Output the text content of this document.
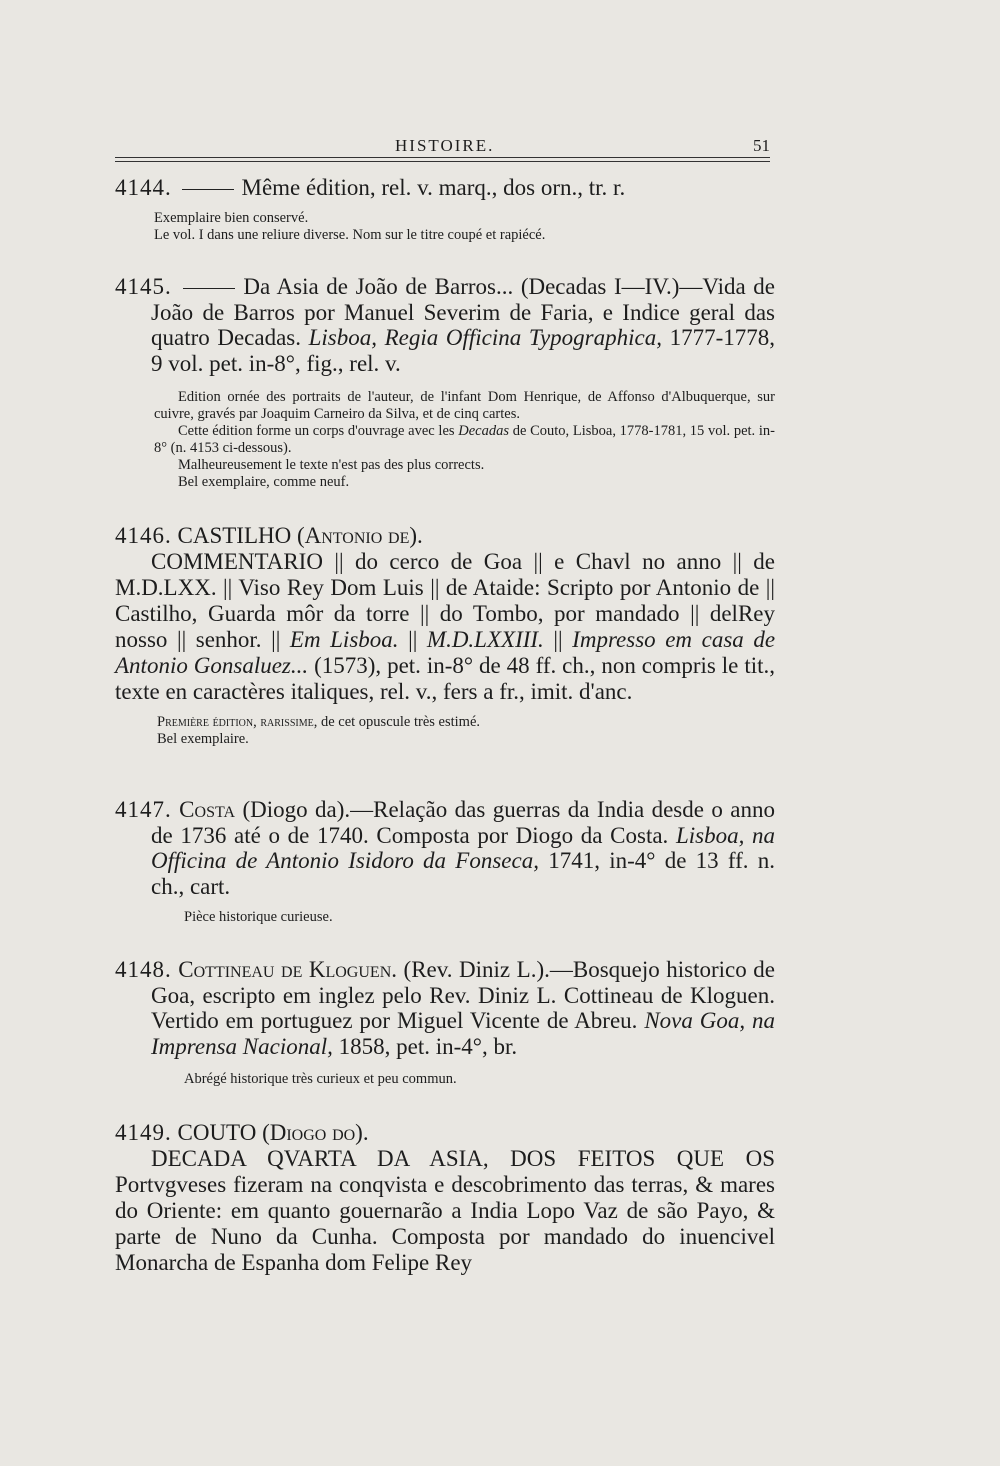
HISTOIRE.	51

4144.	Même édition, rel. v. marq., dos orn., tr. r.

Exemplaire bien conservé.

Le vol. I dans une reliure diverse. Nom sur le titre coupé et rapiécé.

4145.	Da Asia de João de Barros... (Decadas I—IV.)—Vida de João de Barros por Manuel Severim de Faria, e Indice geral das quatro Decadas. Lisboa, Regia Officina Typographica, 1777-1778, 9 vol. pet. in-8°, fig., rel. v.

Edition ornée des portraits de l'auteur, de l'infant Dom Henrique, de Affonso d'Albuquerque, sur cuivre, gravés par Joaquim Carneiro da Silva, et de cinq cartes.

Cette édition forme un corps d'ouvrage avec les Decadas de Couto, Lisboa, 1778-1781, 15 vol. pet. in-8° (n. 4153 ci-dessous).

Malheureusement le texte n'est pas des plus corrects.

Bel exemplaire, comme neuf.

4146. CASTILHO (Antonio de).

COMMENTARIO || do cerco de Goa || e Chavl no anno || de M.D.LXX. || Viso Rey Dom Luis || de Ataide: Scripto por Antonio de || Castilho, Guarda môr da torre || do Tombo, por mandado || delRey nosso || senhor. || Em Lisboa. || M.D.LXXIII. || Impresso em casa de Antonio Gonsaluez... (1573), pet. in-8° de 48 ff. ch., non compris le tit., texte en caractères italiques, rel. v., fers a fr., imit. d'anc.

Première édition, rarissime, de cet opuscule très estimé.

Bel exemplaire.

4147. Costa (Diogo da).—Relação das guerras da India desde o anno de 1736 até o de 1740. Composta por Diogo da Costa. Lisboa, na Officina de Antonio Isidoro da Fonseca, 1741, in-4° de 13 ff. n. ch., cart.

Pièce historique curieuse.

4148. Cottineau de Kloguen. (Rev. Diniz L.).—Bosquejo historico de Goa, escripto em inglez pelo Rev. Diniz L. Cottineau de Kloguen. Vertido em portuguez por Miguel Vicente de Abreu. Nova Goa, na Imprensa Nacional, 1858, pet. in-4°, br.

Abrégé historique très curieux et peu commun.

4149. COUTO (Diogo do).

DECADA QVARTA DA ASIA, DOS FEITOS QUE OS Portvgveses fizeram na conqvista e descobrimento das terras, & mares do Oriente: em quanto gouernarão a India Lopo Vaz de são Payo, & parte de Nuno da Cunha. Composta por mandado do inuencivel Monarcha de Espanha dom Felipe Rey
